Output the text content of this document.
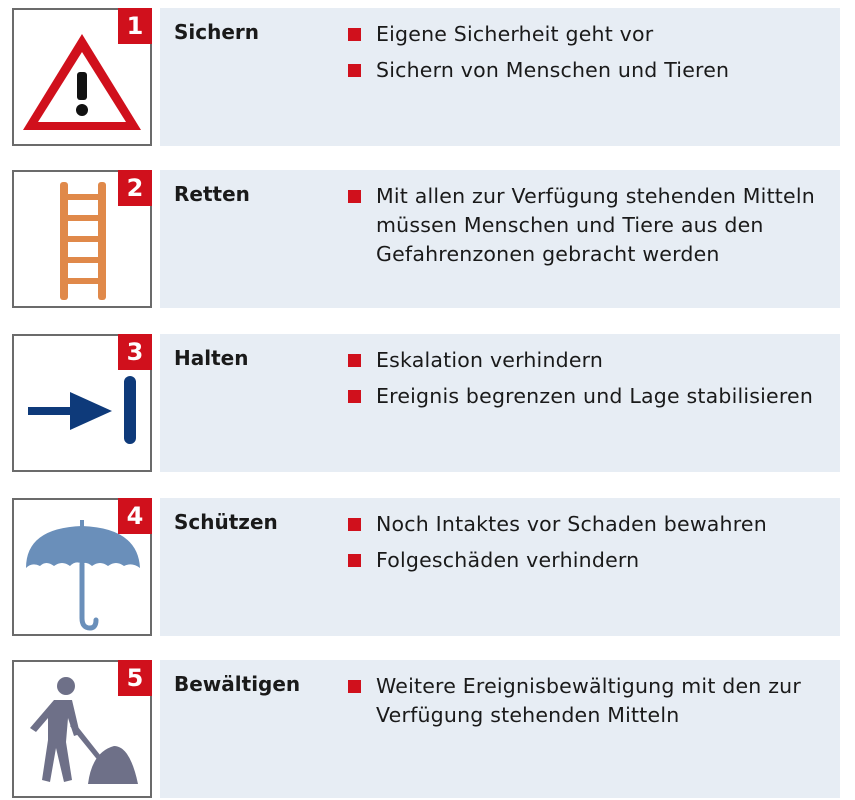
1	Sichern	Eigene Sicherheit geht vor
Sichern von Menschen und Tieren
2	Retten	Mit allen zur Verfügung stehenden Mitteln müssen Menschen und Tiere aus den Gefahrenzonen gebracht werden
3	Halten	Eskalation verhindern
Ereignis begrenzen und Lage stabilisieren
4	Schützen	Noch Intaktes vor Schaden bewahren
Folgeschäden verhindern
5	Bewältigen	Weitere Ereignisbewältigung mit den zur Verfügung stehenden Mitteln
